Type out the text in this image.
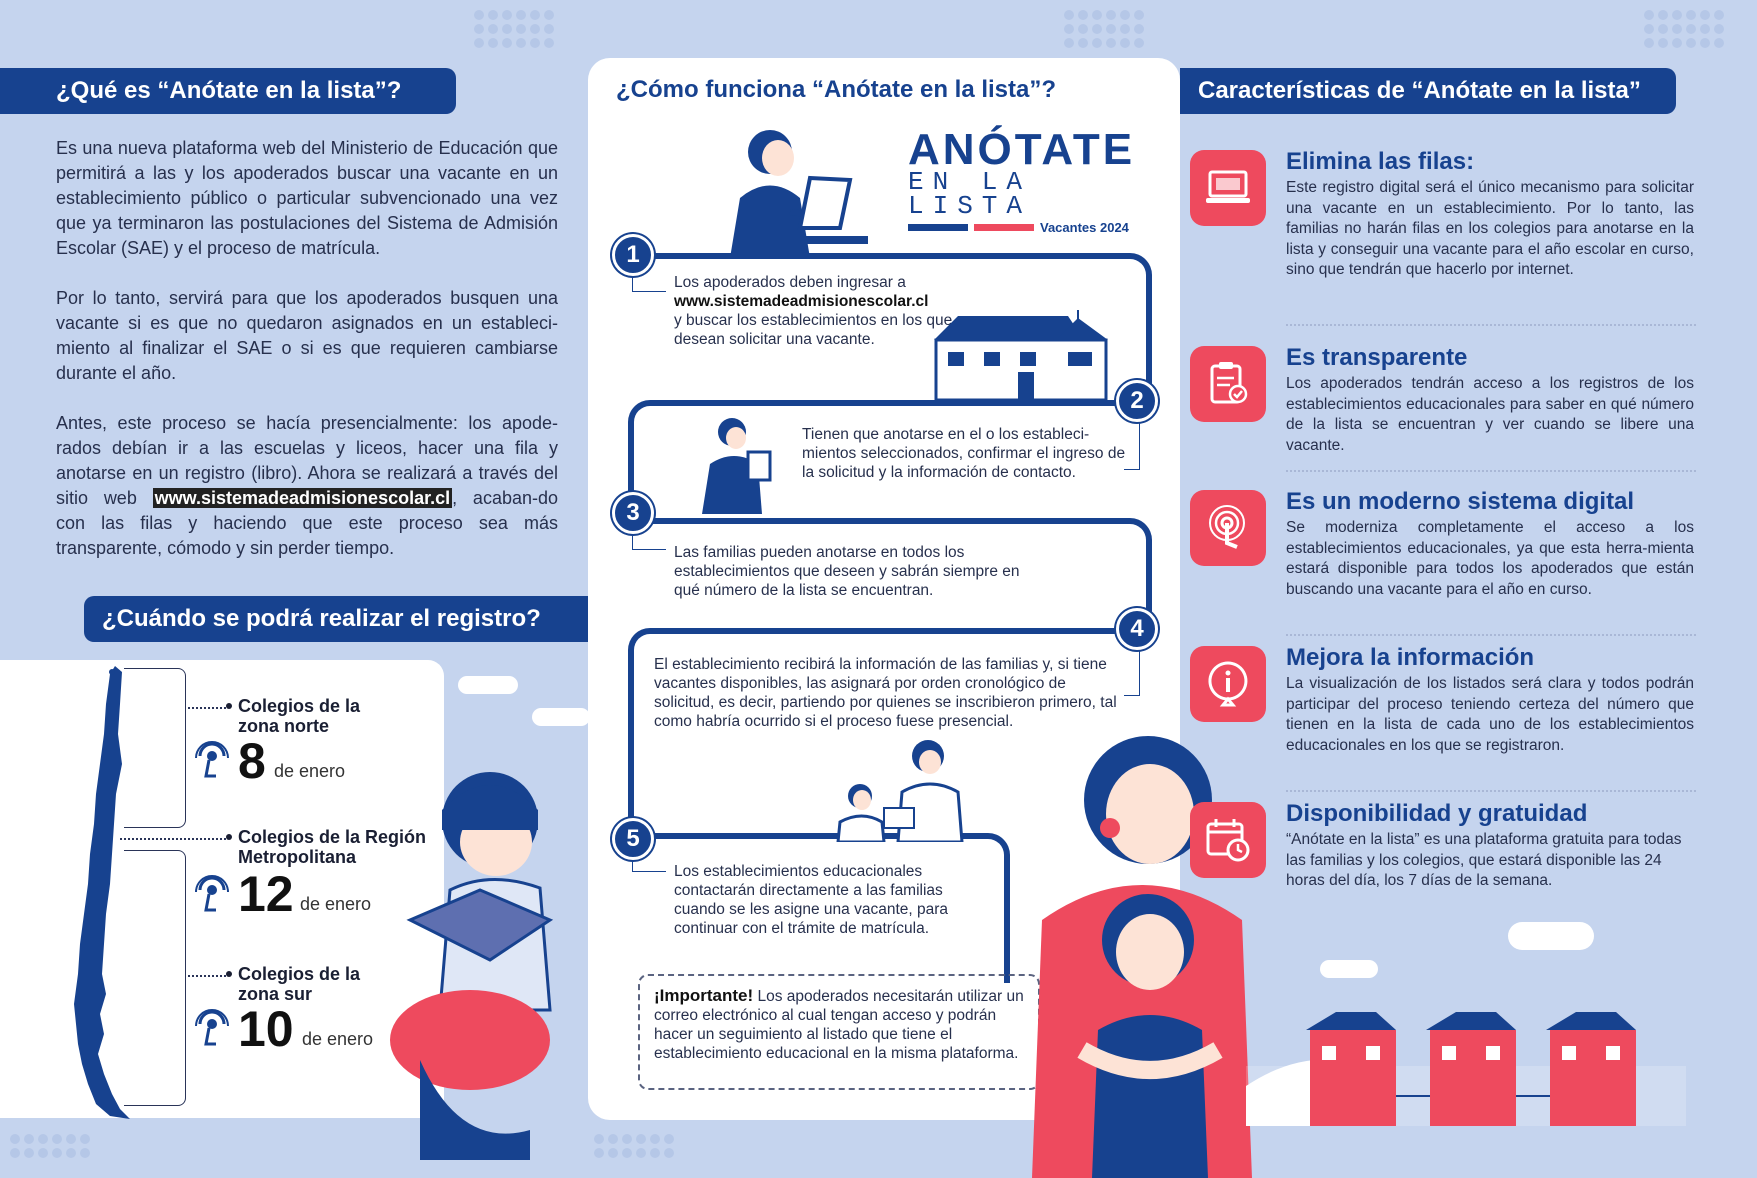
¿Qué es “Anótate en la lista”?

Es una nueva plataforma web del Ministerio de Educación que permitirá a las y los apoderados buscar una vacante en un establecimiento público o particular subvencionado una vez que ya terminaron las postulaciones del Sistema de Admisión Escolar (SAE) y el proceso de matrícula.

Por lo tanto, servirá para que los apoderados busquen una vacante si es que no quedaron asignados en un estableci-miento al finalizar el SAE o si es que requieren cambiarse durante el año.

Antes, este proceso se hacía presencialmente: los apode-rados debían ir a las escuelas y liceos, hacer una fila y anotarse en un registro (libro). Ahora se realizará a través del sitio web www.sistemadeadmisionescolar.cl , acaban-do con las filas y haciendo que este proceso sea más transparente, cómodo y sin perder tiempo.

¿Cuándo se podrá realizar el registro?
Colegios de la zona norte
8 de enero
Colegios de la Región Metropolitana
12 de enero
Colegios de la zona sur
10 de enero
¿Cómo funciona “Anótate en la lista”?
ANÓTATE
EN LA LISTA
Vacantes 2024
1
2
3
4
5
Los apoderados deben ingresar a
www.sistemadeadmisionescolar.cl
y buscar los establecimientos en los que desean solicitar una vacante.
Tienen que anotarse en el o los estableci-mientos seleccionados, confirmar el ingreso de la solicitud y la información de contacto.
Las familias pueden anotarse en todos los establecimientos que deseen y sabrán siempre en qué número de la lista se encuentran.
El establecimiento recibirá la información de las familias y, si tiene vacantes disponibles, las asignará por orden cronológico de solicitud, es decir, partiendo por quienes se inscribieron primero, tal como habría ocurrido si el proceso fuese presencial.
Los establecimientos educacionales contactarán directamente a las familias cuando se les asigne una vacante, para continuar con el trámite de matrícula.
¡Importante! Los apoderados necesitarán utilizar un correo electrónico al cual tengan acceso y podrán hacer un seguimiento al listado que tiene el establecimiento educacional en la misma plataforma.
Características de “Anótate en la lista”
Elimina las filas:
Este registro digital será el único mecanismo para solicitar una vacante en un establecimiento. Por lo tanto, las familias no harán filas en los colegios para anotarse en la lista y conseguir una vacante para el año escolar en curso, sino que tendrán que hacerlo por internet.
Es transparente
Los apoderados tendrán acceso a los registros de los establecimientos educacionales para saber en qué número de la lista se encuentran y ver cuando se libere una vacante.
Es un moderno sistema digital
Se moderniza completamente el acceso a los establecimientos educacionales, ya que esta herra-mienta estará disponible para todos los apoderados que están buscando una vacante para el año en curso.
Mejora la información
La visualización de los listados será clara y todos podrán participar del proceso teniendo certeza del número que tienen en la lista de cada uno de los establecimientos educacionales en los que se registraron.
Disponibilidad y gratuidad
“Anótate en la lista” es una plataforma gratuita para todas las familias y los colegios, que estará disponible las 24 horas del día, los 7 días de la semana.
